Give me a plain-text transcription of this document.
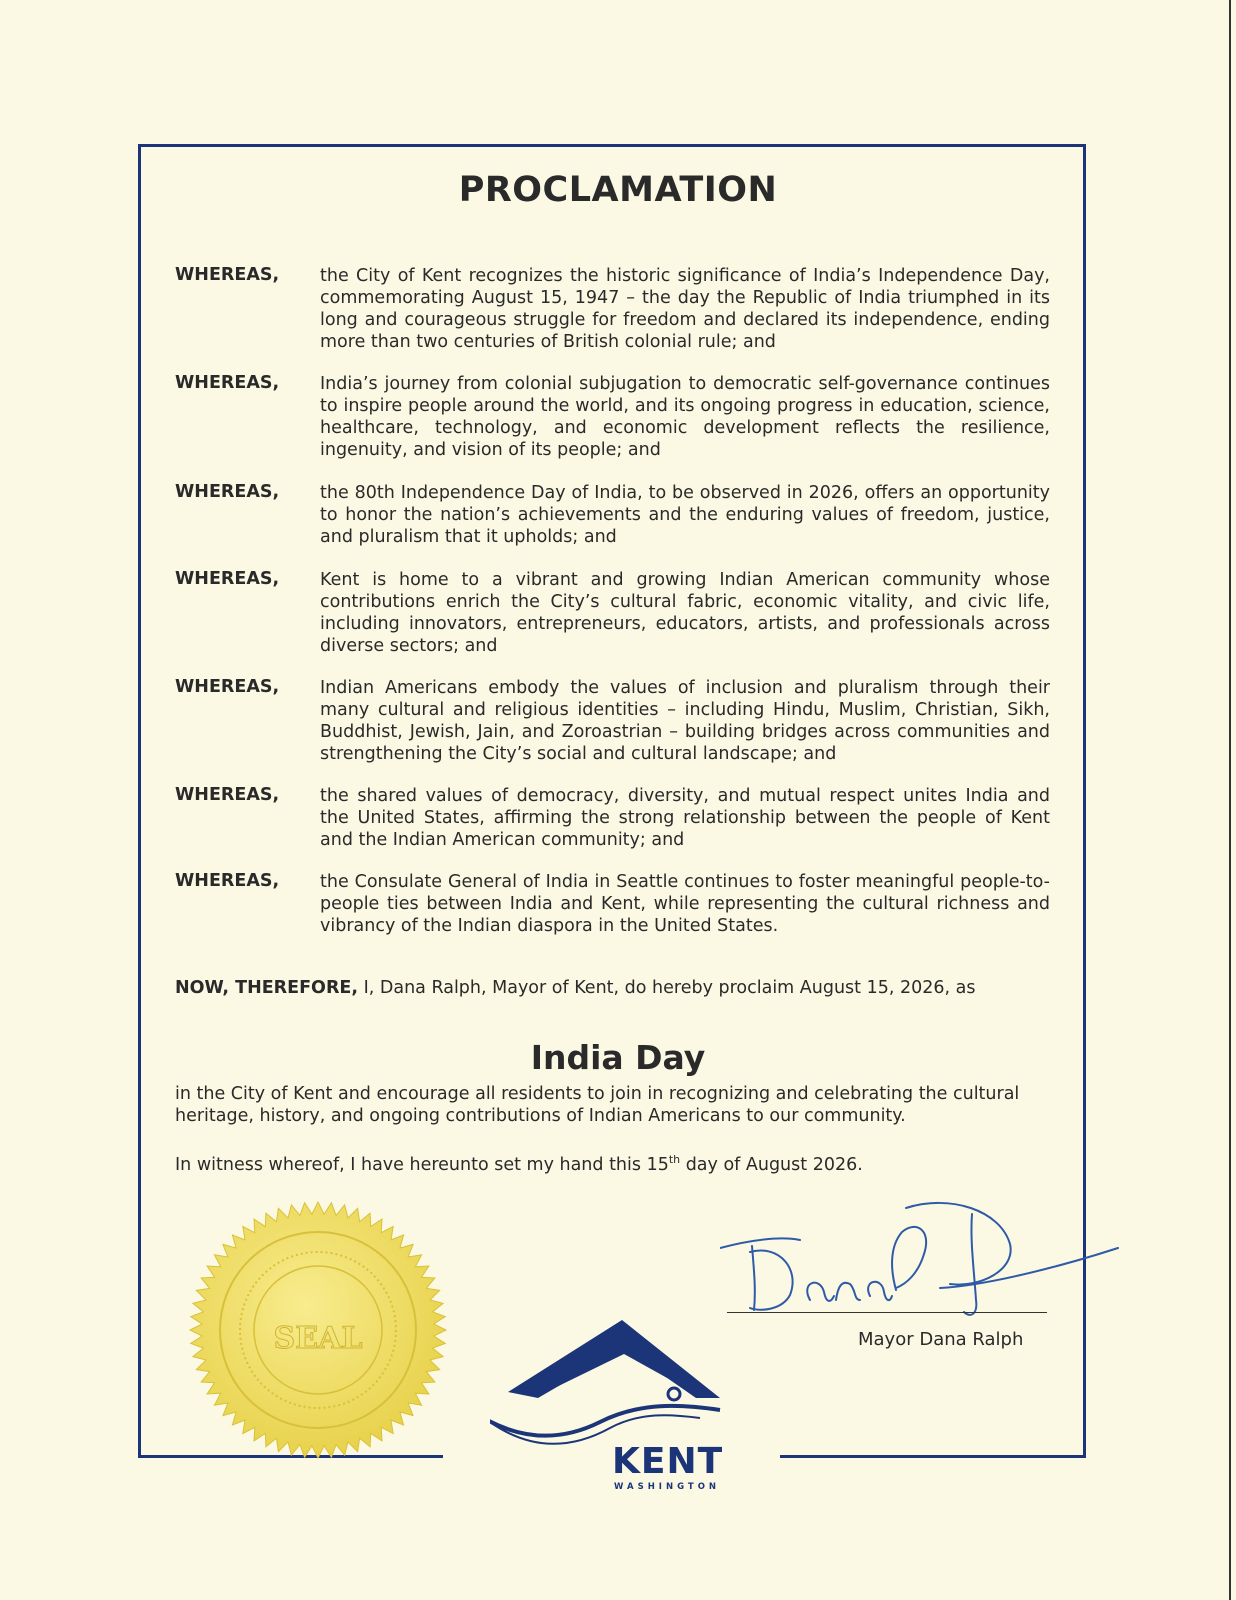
PROCLAMATION
WHEREAS, the City of Kent recognizes the historic significance of India’s Independence Day, commemorating August 15, 1947 – the day the Republic of India triumphed in its long and courageous struggle for freedom and declared its independence, ending more than two centuries of British colonial rule; and
WHEREAS, India’s journey from colonial subjugation to democratic self-governance continues to inspire people around the world, and its ongoing progress in education, science, healthcare, technology, and economic development reflects the resilience, ingenuity, and vision of its people; and
WHEREAS, the 80th Independence Day of India, to be observed in 2026, offers an opportunity to honor the nation’s achievements and the enduring values of freedom, justice, and pluralism that it upholds; and
WHEREAS, Kent is home to a vibrant and growing Indian American community whose contributions enrich the City’s cultural fabric, economic vitality, and civic life, including innovators, entrepreneurs, educators, artists, and professionals across diverse sectors; and
WHEREAS, Indian Americans embody the values of inclusion and pluralism through their many cultural and religious identities – including Hindu, Muslim, Christian, Sikh, Buddhist, Jewish, Jain, and Zoroastrian – building bridges across communities and strengthening the City’s social and cultural landscape; and
WHEREAS, the shared values of democracy, diversity, and mutual respect unites India and the United States, affirming the strong relationship between the people of Kent and the Indian American community; and
WHEREAS, the Consulate General of India in Seattle continues to foster meaningful people-to-people ties between India and Kent, while representing the cultural richness and vibrancy of the Indian diaspora in the United States.
NOW, THEREFORE, I, Dana Ralph, Mayor of Kent, do hereby proclaim August 15, 2026, as
India Day
in the City of Kent and encourage all residents to join in recognizing and celebrating the cultural heritage, history, and ongoing contributions of Indian Americans to our community.
In witness whereof, I have hereunto set my hand this 15th day of August 2026.
SEAL	Mayor Dana Ralph
KENT
WASHINGTON
